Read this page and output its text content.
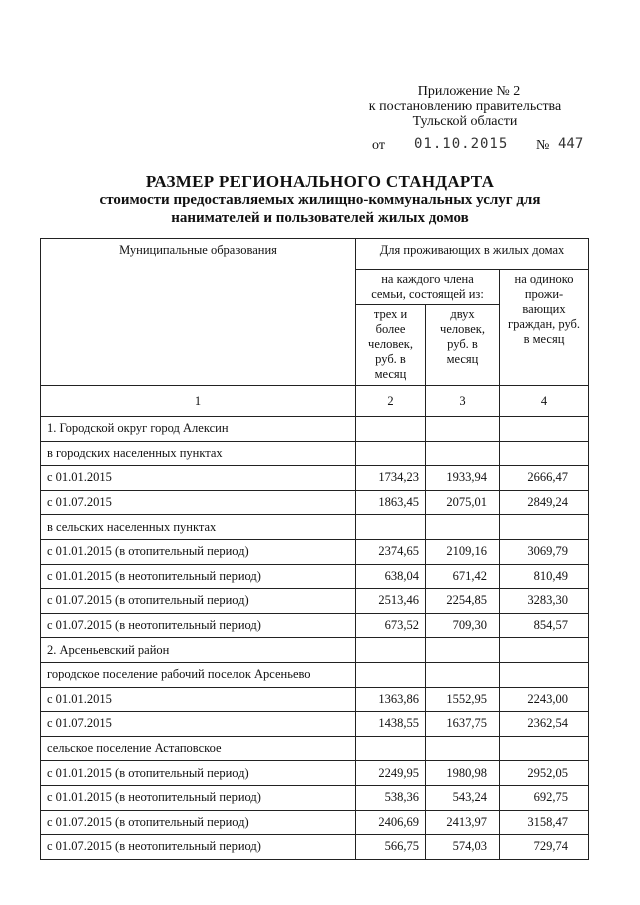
Приложение № 2
к постановлению правительства
Тульской области
от 01.10.2015 № 447
РАЗМЕР РЕГИОНАЛЬНОГО СТАНДАРТА
стоимости предоставляемых жилищно-коммунальных услуг для
нанимателей и пользователей жилых домов
Муниципальные образования	Для проживающих в жилых домах		
	на каждого члена семьи, состоящей из:		на одиноко прожи-вающих граждан, руб. в месяц
	трех и более человек, руб. в месяц	двух человек, руб. в месяц	
1	2	3	4
1. Городской округ город Алексин			
в городских населенных пунктах			
с 01.01.2015	1734,23	1933,94	2666,47
с 01.07.2015	1863,45	2075,01	2849,24
в сельских населенных пунктах			
с 01.01.2015 (в отопительный период)	2374,65	2109,16	3069,79
с 01.01.2015 (в неотопительный период)	638,04	671,42	810,49
с 01.07.2015 (в отопительный период)	2513,46	2254,85	3283,30
с 01.07.2015 (в неотопительный период)	673,52	709,30	854,57
2. Арсеньевский район			
городское поселение рабочий поселок Арсеньево			
с 01.01.2015	1363,86	1552,95	2243,00
с 01.07.2015	1438,55	1637,75	2362,54
сельское поселение Астаповское			
с 01.01.2015 (в отопительный период)	2249,95	1980,98	2952,05
с 01.01.2015 (в неотопительный период)	538,36	543,24	692,75
с 01.07.2015 (в отопительный период)	2406,69	2413,97	3158,47
с 01.07.2015 (в неотопительный период)	566,75	574,03	729,74
